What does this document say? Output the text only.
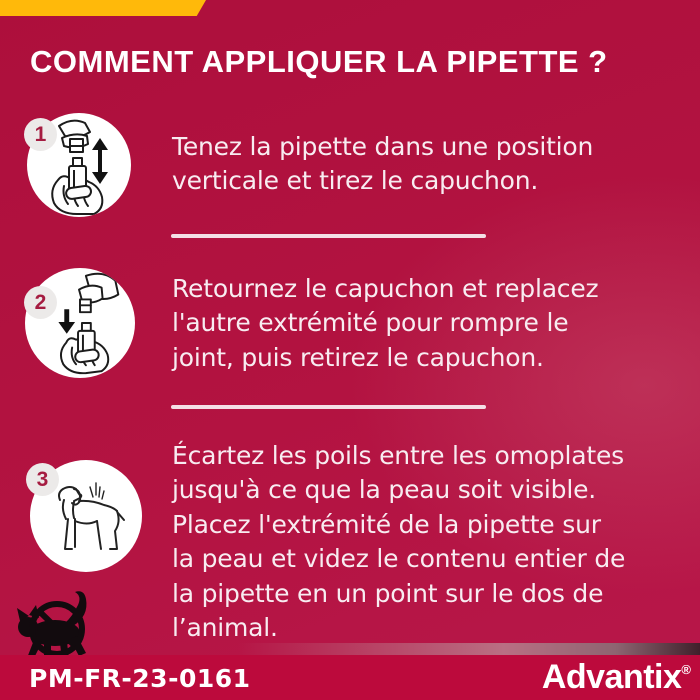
COMMENT APPLIQUER LA PIPETTE ?
1	Tenez la pipette dans une position
verticale et tirez le capuchon.
2	Retournez le capuchon et replacez
l'autre extrémité pour rompre le
joint, puis retirez le capuchon.
3
Écartez les poils entre les omoplates
jusqu'à ce que la peau soit visible.
Placez l'extrémité de la pipette sur
la peau et videz le contenu entier de
la pipette en un point sur le dos de
l’animal.
PM-FR-23-0161	Advantix®
